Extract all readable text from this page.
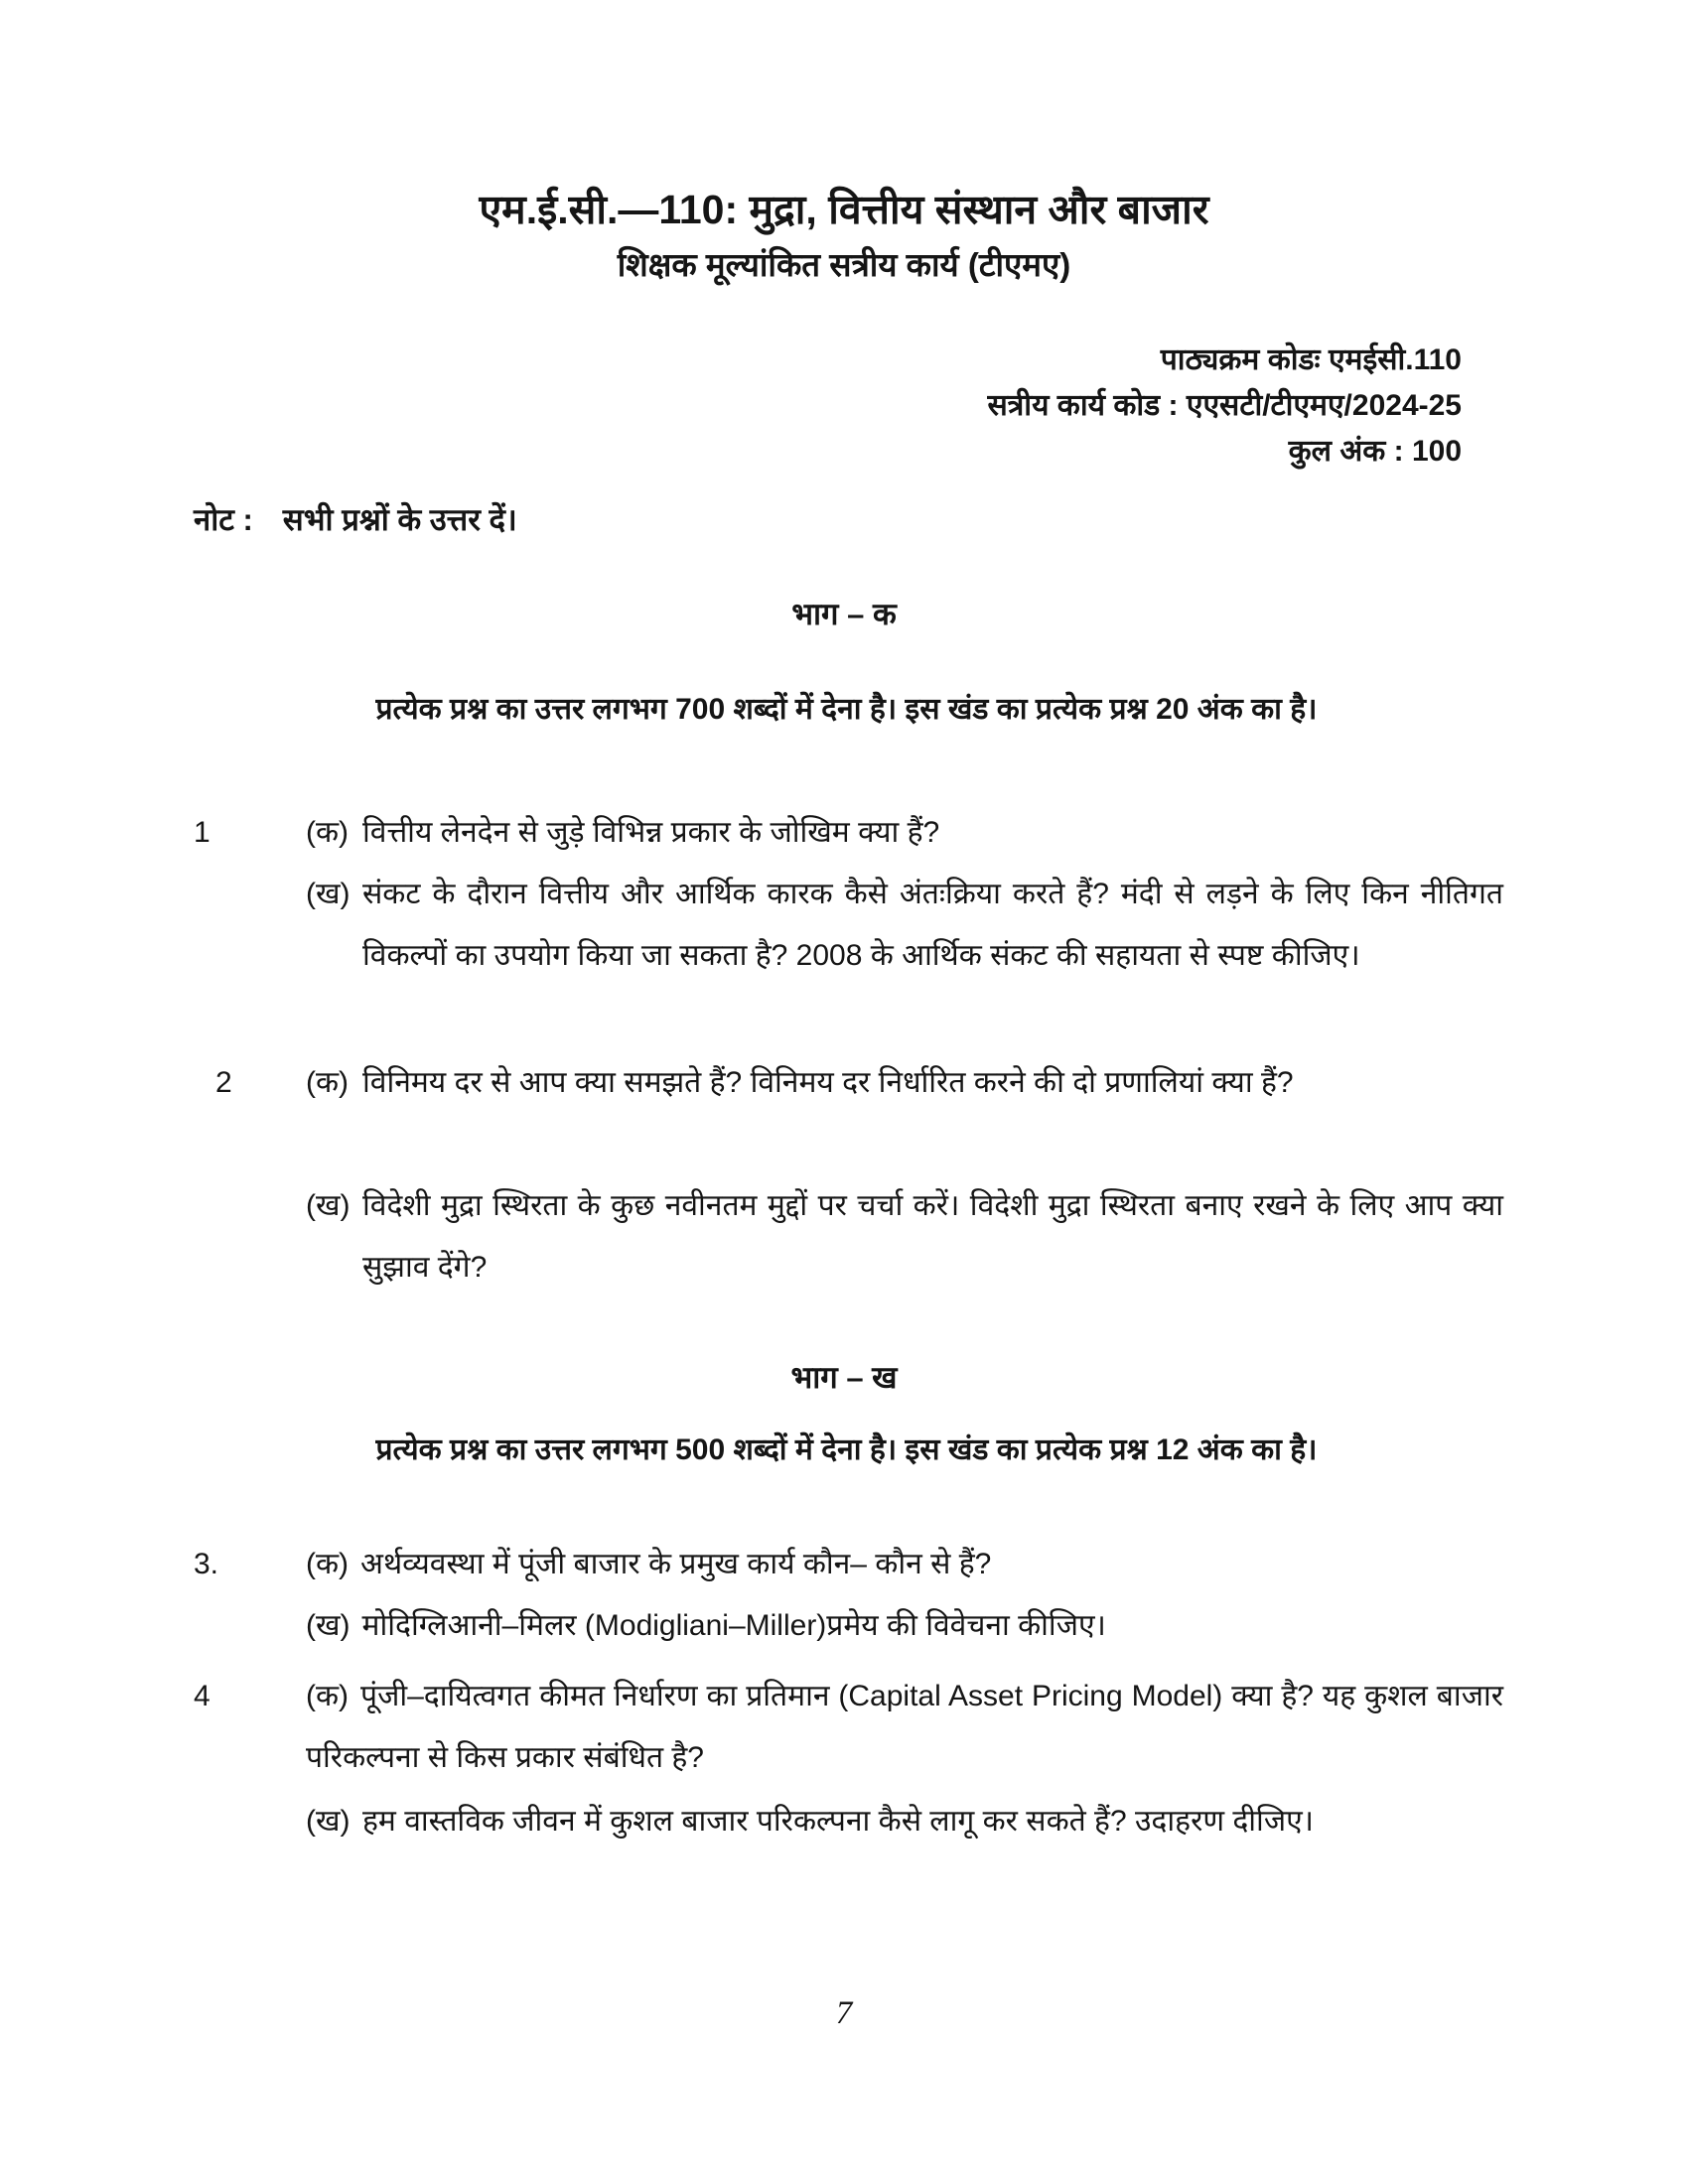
एम.ई.सी.—110: मुद्रा, वित्तीय संस्थान और बाजार
शिक्षक मूल्यांकित सत्रीय कार्य (टीएमए)
पाठ्यक्रम कोडः एमईसी.110
सत्रीय कार्य कोड : एएसटी/टीएमए/2024-25
कुल अंक : 100
नोट : सभी प्रश्नों के उत्तर दें।
भाग – क
प्रत्येक प्रश्न का उत्तर लगभग 700 शब्दों में देना है। इस खंड का प्रत्येक प्रश्न 20 अंक का है।
1	(क) वित्तीय लेनदेन से जुड़े विभिन्न प्रकार के जोखिम क्या हैं?
(ख) संकट के दौरान वित्तीय और आर्थिक कारक कैसे अंतःक्रिया करते हैं? मंदी से लड़ने के लिए किन नीतिगत विकल्पों का उपयोग किया जा सकता है? 2008 के आर्थिक संकट की सहायता से स्पष्ट कीजिए।
2	(क) विनिमय दर से आप क्या समझते हैं? विनिमय दर निर्धारित करने की दो प्रणालियां क्या हैं?
(ख) विदेशी मुद्रा स्थिरता के कुछ नवीनतम मुद्दों पर चर्चा करें। विदेशी मुद्रा स्थिरता बनाए रखने के लिए आप क्या सुझाव देंगे?
भाग – ख
प्रत्येक प्रश्न का उत्तर लगभग 500 शब्दों में देना है। इस खंड का प्रत्येक प्रश्न 12 अंक का है।
3.	(क) अर्थव्यवस्था में पूंजी बाजार के प्रमुख कार्य कौन– कौन से हैं?
(ख) मोदिग्लिआनी–मिलर (Modigliani–Miller)प्रमेय की विवेचना कीजिए।
4	(क) पूंजी–दायित्वगत कीमत निर्धारण का प्रतिमान (Capital Asset Pricing Model) क्या है? यह कुशल बाजार परिकल्पना से किस प्रकार संबंधित है?
(ख) हम वास्तविक जीवन में कुशल बाजार परिकल्पना कैसे लागू कर सकते हैं? उदाहरण दीजिए।
7
